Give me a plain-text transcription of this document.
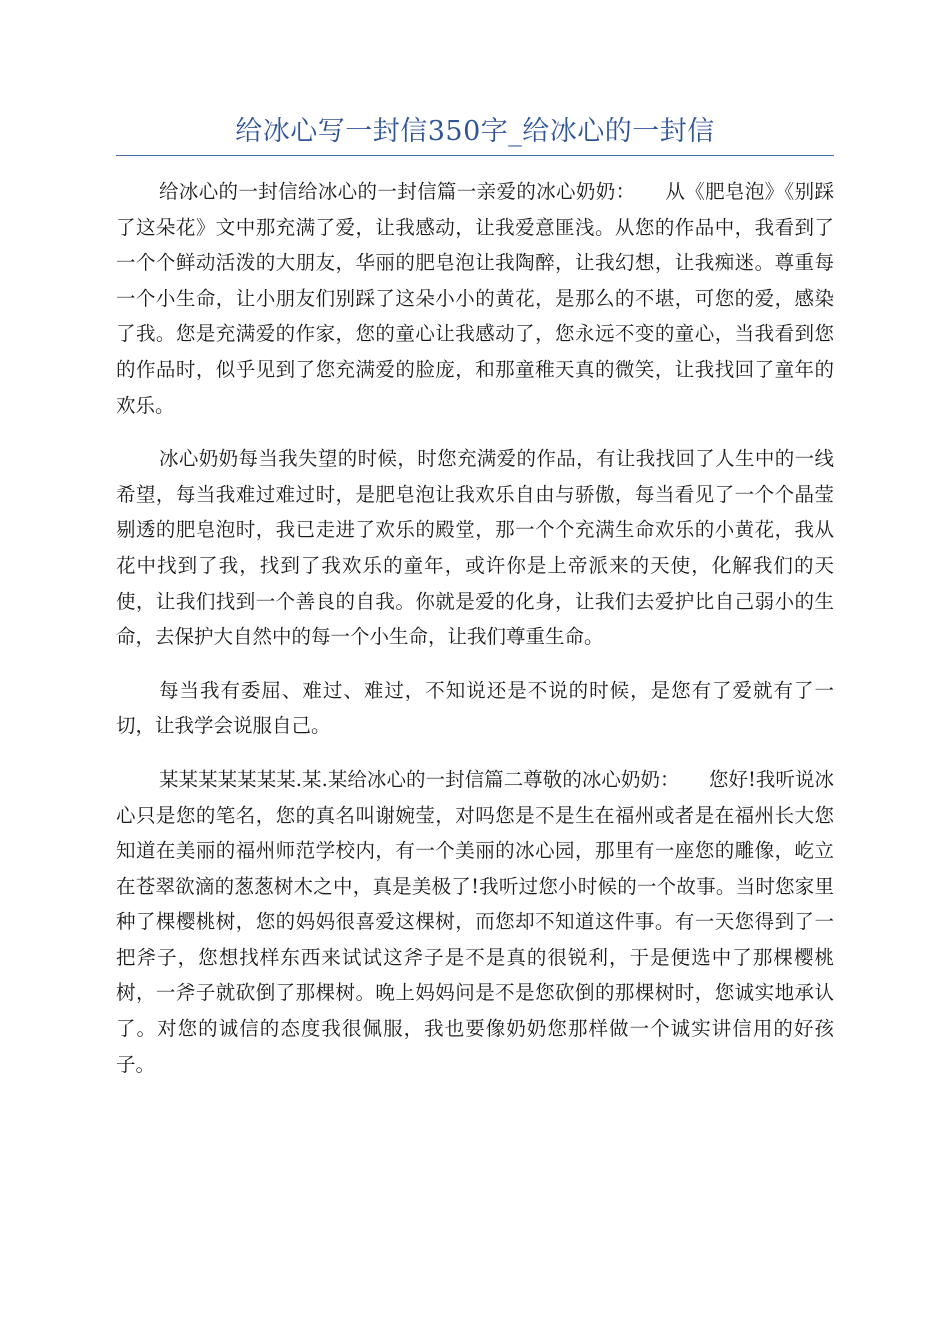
给冰心写一封信350字_给冰心的一封信

给冰心的一封信给冰心的一封信篇一亲爱的冰心奶奶：　　从《肥皂泡》《别踩了这朵花》文中那充满了爱，让我感动，让我爱意匪浅。从您的作品中，我看到了一个个鲜动活泼的大朋友，华丽的肥皂泡让我陶醉，让我幻想，让我痴迷。尊重每一个小生命，让小朋友们别踩了这朵小小的黄花，是那么的不堪，可您的爱，感染了我。您是充满爱的作家，您的童心让我感动了，您永远不变的童心，当我看到您的作品时，似乎见到了您充满爱的脸庞，和那童稚天真的微笑，让我找回了童年的欢乐。

冰心奶奶每当我失望的时候，时您充满爱的作品，有让我找回了人生中的一线希望，每当我难过难过时，是肥皂泡让我欢乐自由与骄傲，每当看见了一个个晶莹剔透的肥皂泡时，我已走进了欢乐的殿堂，那一个个充满生命欢乐的小黄花，我从花中找到了我，找到了我欢乐的童年，或许你是上帝派来的天使，化解我们的天使，让我们找到一个善良的自我。你就是爱的化身，让我们去爱护比自己弱小的生命，去保护大自然中的每一个小生命，让我们尊重生命。

每当我有委屈、难过、难过，不知说还是不说的时候，是您有了爱就有了一切，让我学会说服自己。

某某某某某某某.某.某给冰心的一封信篇二尊敬的冰心奶奶：　　您好!我听说冰心只是您的笔名，您的真名叫谢婉莹，对吗您是不是生在福州或者是在福州长大您知道在美丽的福州师范学校内，有一个美丽的冰心园，那里有一座您的雕像，屹立在苍翠欲滴的葱葱树木之中，真是美极了!我听过您小时候的一个故事。当时您家里种了棵樱桃树，您的妈妈很喜爱这棵树，而您却不知道这件事。有一天您得到了一把斧子，您想找样东西来试试这斧子是不是真的很锐利，于是便选中了那棵樱桃树，一斧子就砍倒了那棵树。晚上妈妈问是不是您砍倒的那棵树时，您诚实地承认了。对您的诚信的态度我很佩服，我也要像奶奶您那样做一个诚实讲信用的好孩子。
